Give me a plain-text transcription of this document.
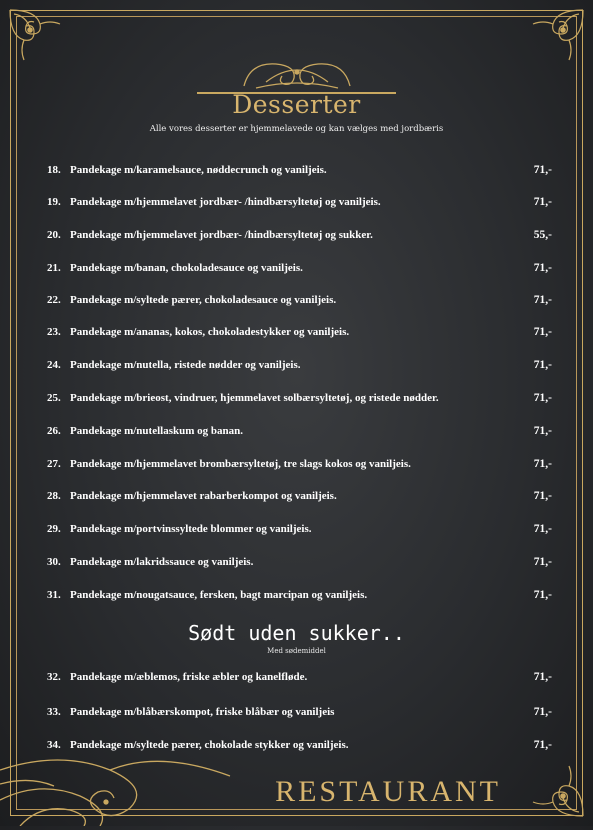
Desserter
Alle vores desserter er hjemmelavede og kan vælges med jordbæris
18. Pandekage m/karamelsauce, nøddecrunch og vaniljeis.	71,-
19. Pandekage m/hjemmelavet jordbær- /hindbærsyltetøj og vaniljeis.	71,-
20. Pandekage m/hjemmelavet jordbær- /hindbærsyltetøj og sukker.	55,-
21. Pandekage m/banan, chokoladesauce og vaniljeis.	71,-
22. Pandekage m/syltede pærer, chokoladesauce og vaniljeis.	71,-
23. Pandekage m/ananas, kokos, chokoladestykker og vaniljeis.	71,-
24. Pandekage m/nutella, ristede nødder og vaniljeis.	71,-
25. Pandekage m/brieost, vindruer, hjemmelavet solbærsyltetøj, og ristede nødder.	71,-
26. Pandekage m/nutellaskum og banan.	71,-
27. Pandekage m/hjemmelavet brombærsyltetøj, tre slags kokos og vaniljeis.	71,-
28. Pandekage m/hjemmelavet rabarberkompot og vaniljeis.	71,-
29. Pandekage m/portvinssyltede blommer og vaniljeis.	71,-
30. Pandekage m/lakridssauce og vaniljeis.	71,-
31. Pandekage m/nougatsauce, fersken, bagt marcipan og vaniljeis.	71,-
Sødt uden sukker..
Med sødemiddel
32. Pandekage m/æblemos, friske æbler og kanelfløde.	71,-
33. Pandekage m/blåbærskompot, friske blåbær og vaniljeis	71,-
34. Pandekage m/syltede pærer, chokolade stykker og vaniljeis.	71,-
RESTAURANT
